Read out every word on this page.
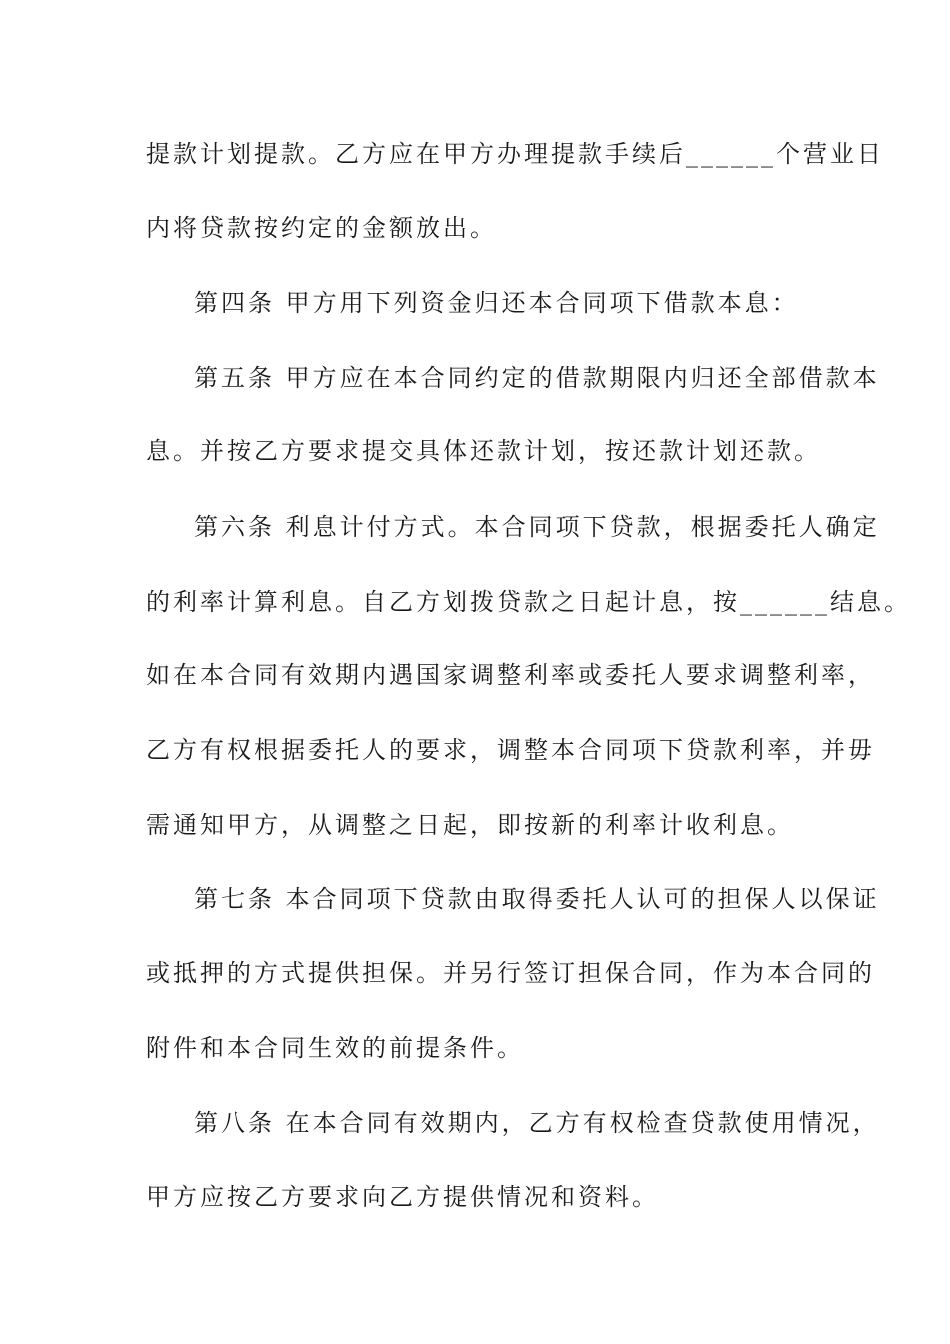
提款计划提款。乙方应在甲方办理提款手续后______个营业日
内将贷款按约定的金额放出。
第四条 甲方用下列资金归还本合同项下借款本息：
第五条 甲方应在本合同约定的借款期限内归还全部借款本
息。并按乙方要求提交具体还款计划，按还款计划还款。
第六条 利息计付方式。本合同项下贷款，根据委托人确定
的利率计算利息。自乙方划拨贷款之日起计息，按______结息。
如在本合同有效期内遇国家调整利率或委托人要求调整利率，
乙方有权根据委托人的要求，调整本合同项下贷款利率，并毋
需通知甲方，从调整之日起，即按新的利率计收利息。
第七条 本合同项下贷款由取得委托人认可的担保人以保证
或抵押的方式提供担保。并另行签订担保合同，作为本合同的
附件和本合同生效的前提条件。
第八条 在本合同有效期内，乙方有权检查贷款使用情况，
甲方应按乙方要求向乙方提供情况和资料。
